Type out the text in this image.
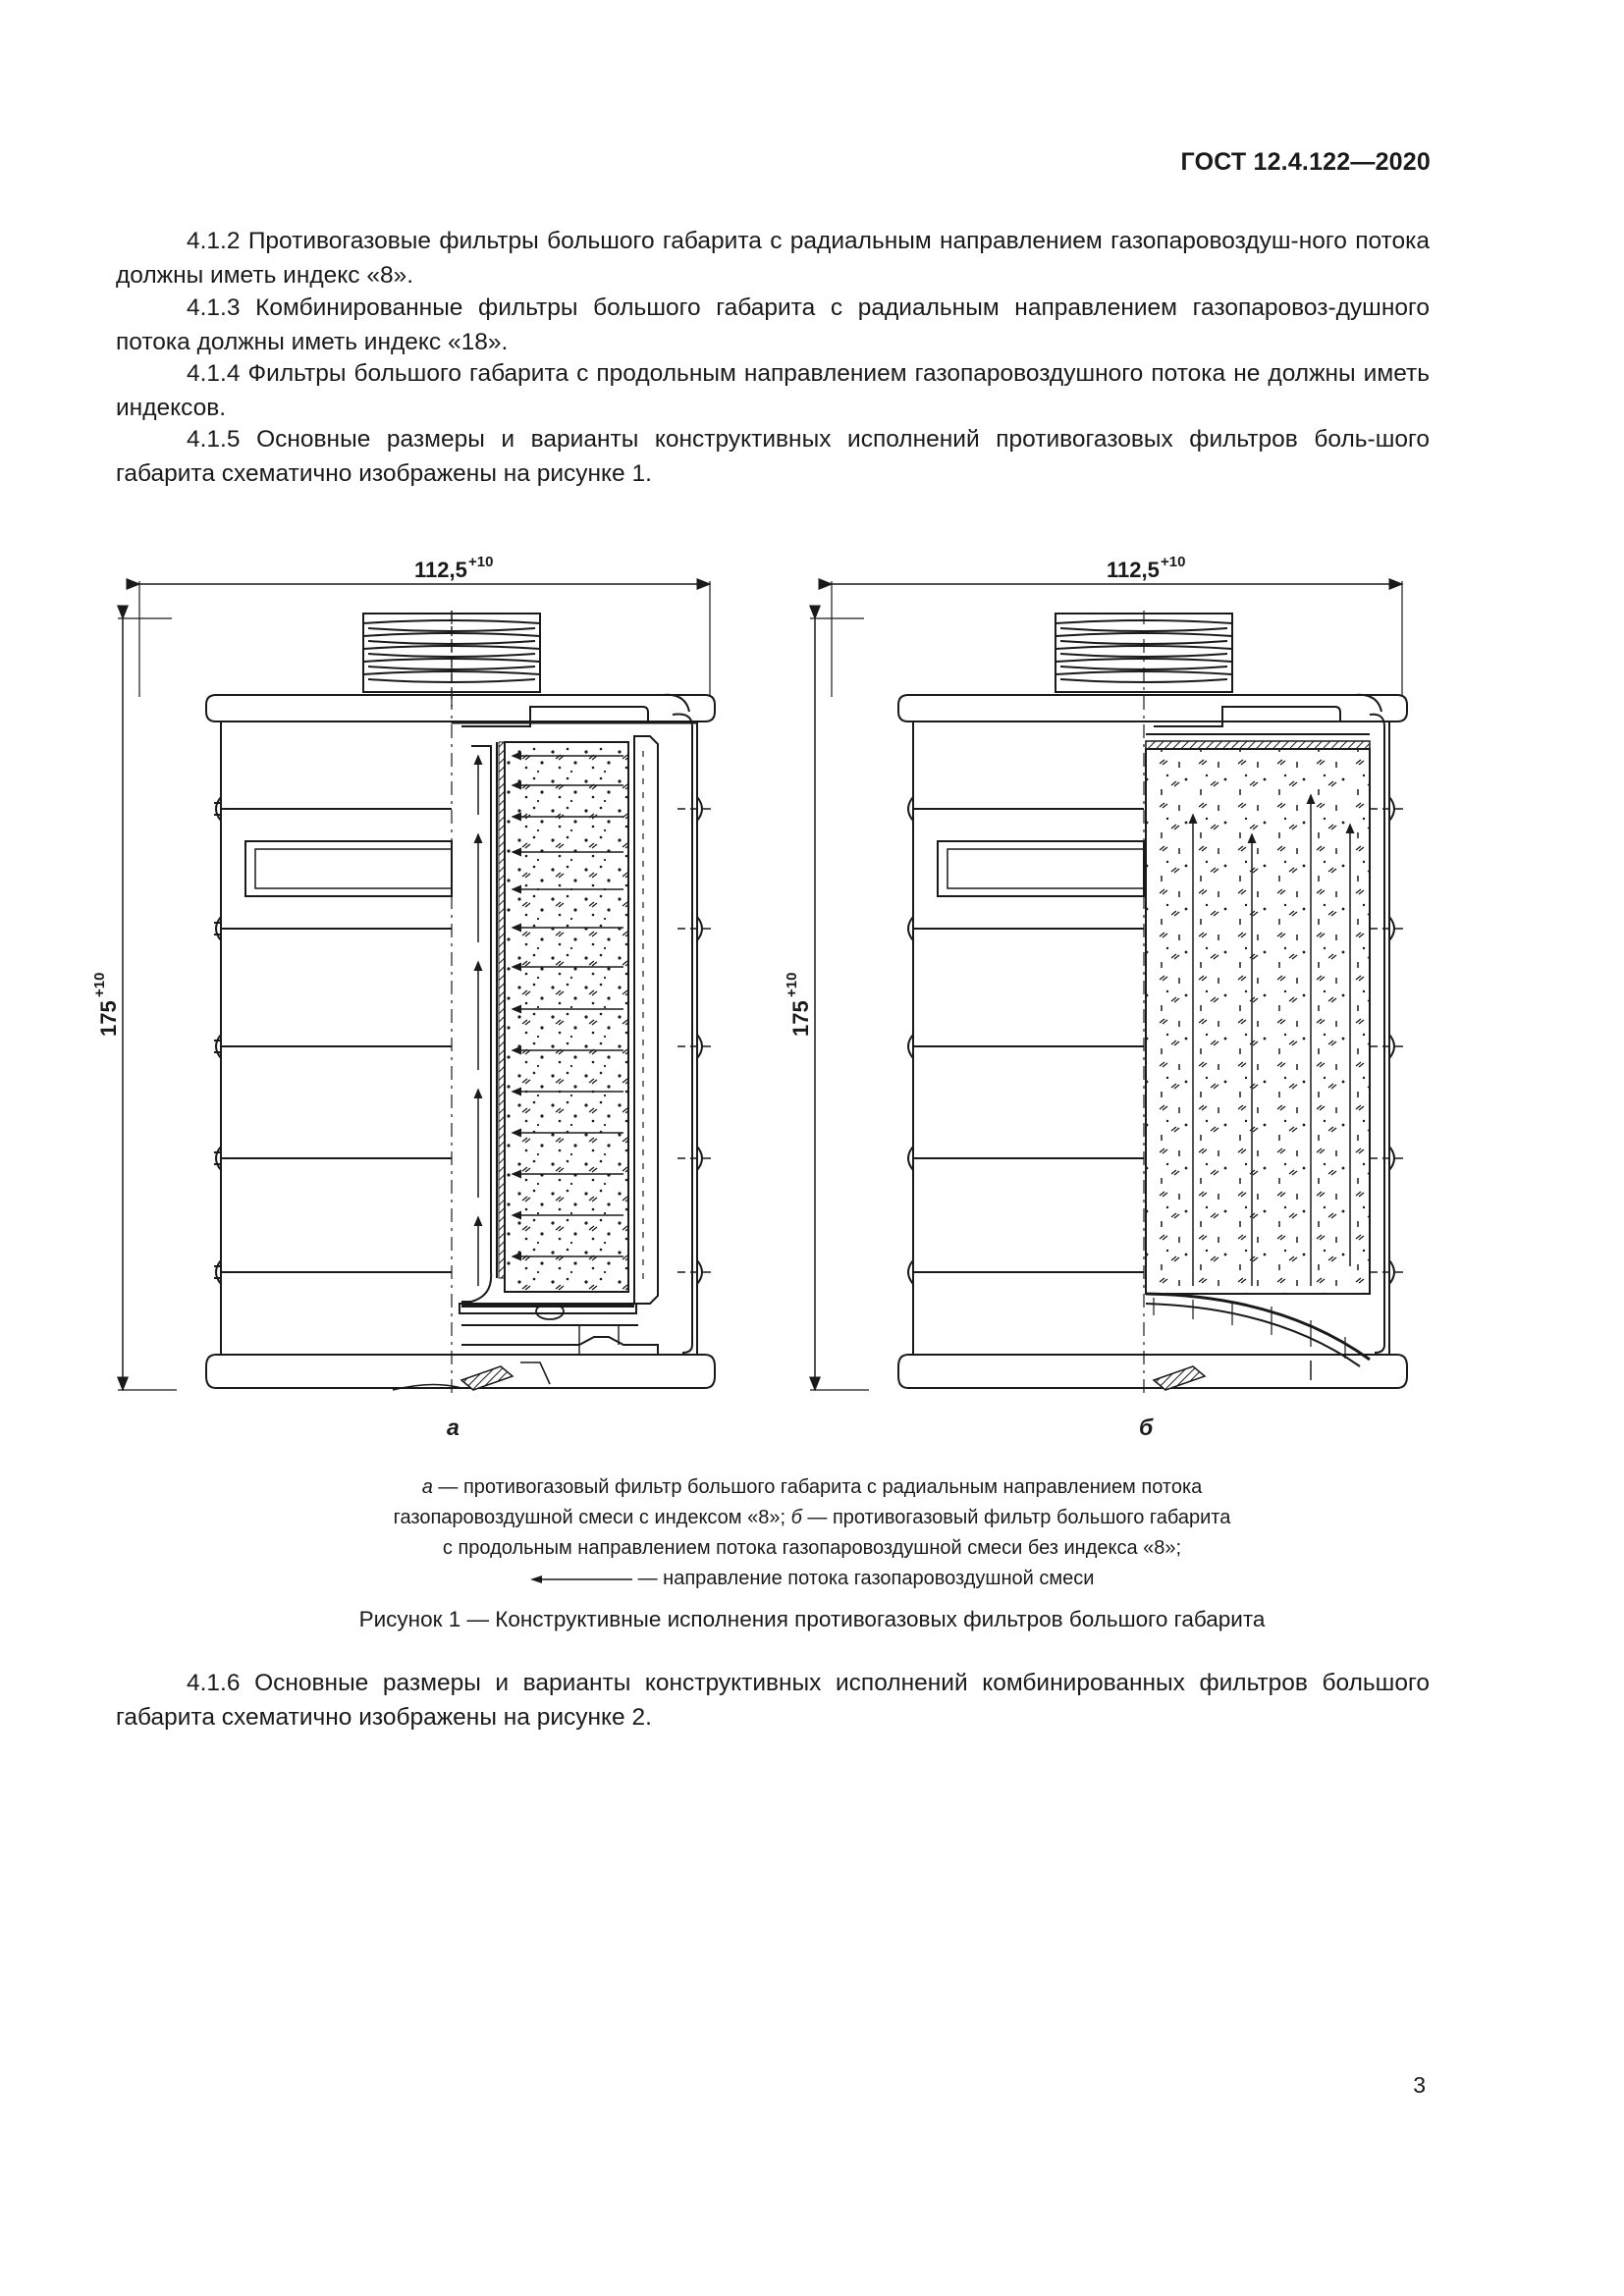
ГОСТ 12.4.122—2020

4.1.2 Противогазовые фильтры большого габарита с радиальным направлением газопаровоздуш-ного потока должны иметь индекс «8».

4.1.3 Комбинированные фильтры большого габарита с радиальным направлением газопаровоз-душного потока должны иметь индекс «18».

4.1.4 Фильтры большого габарита с продольным направлением газопаровоздушного потока не должны иметь индексов.

4.1.5 Основные размеры и варианты конструктивных исполнений противогазовых фильтров боль-шого габарита схематично изображены на рисунке 1.

112,5 +10	112,5 +10
175
+10
175
+10
а	б
а — противогазовый фильтр большого габарита с радиальным направлением потока
газопаровоздушной смеси с индексом «8»; б — противогазовый фильтр большого габарита
с продольным направлением потока газопаровоздушной смеси без индекса «8»;
— направление потока газопаровоздушной смеси
Рисунок 1 — Конструктивные исполнения противогазовых фильтров большого габарита

4.1.6 Основные размеры и варианты конструктивных исполнений комбинированных фильтров большого габарита схематично изображены на рисунке 2.

3
